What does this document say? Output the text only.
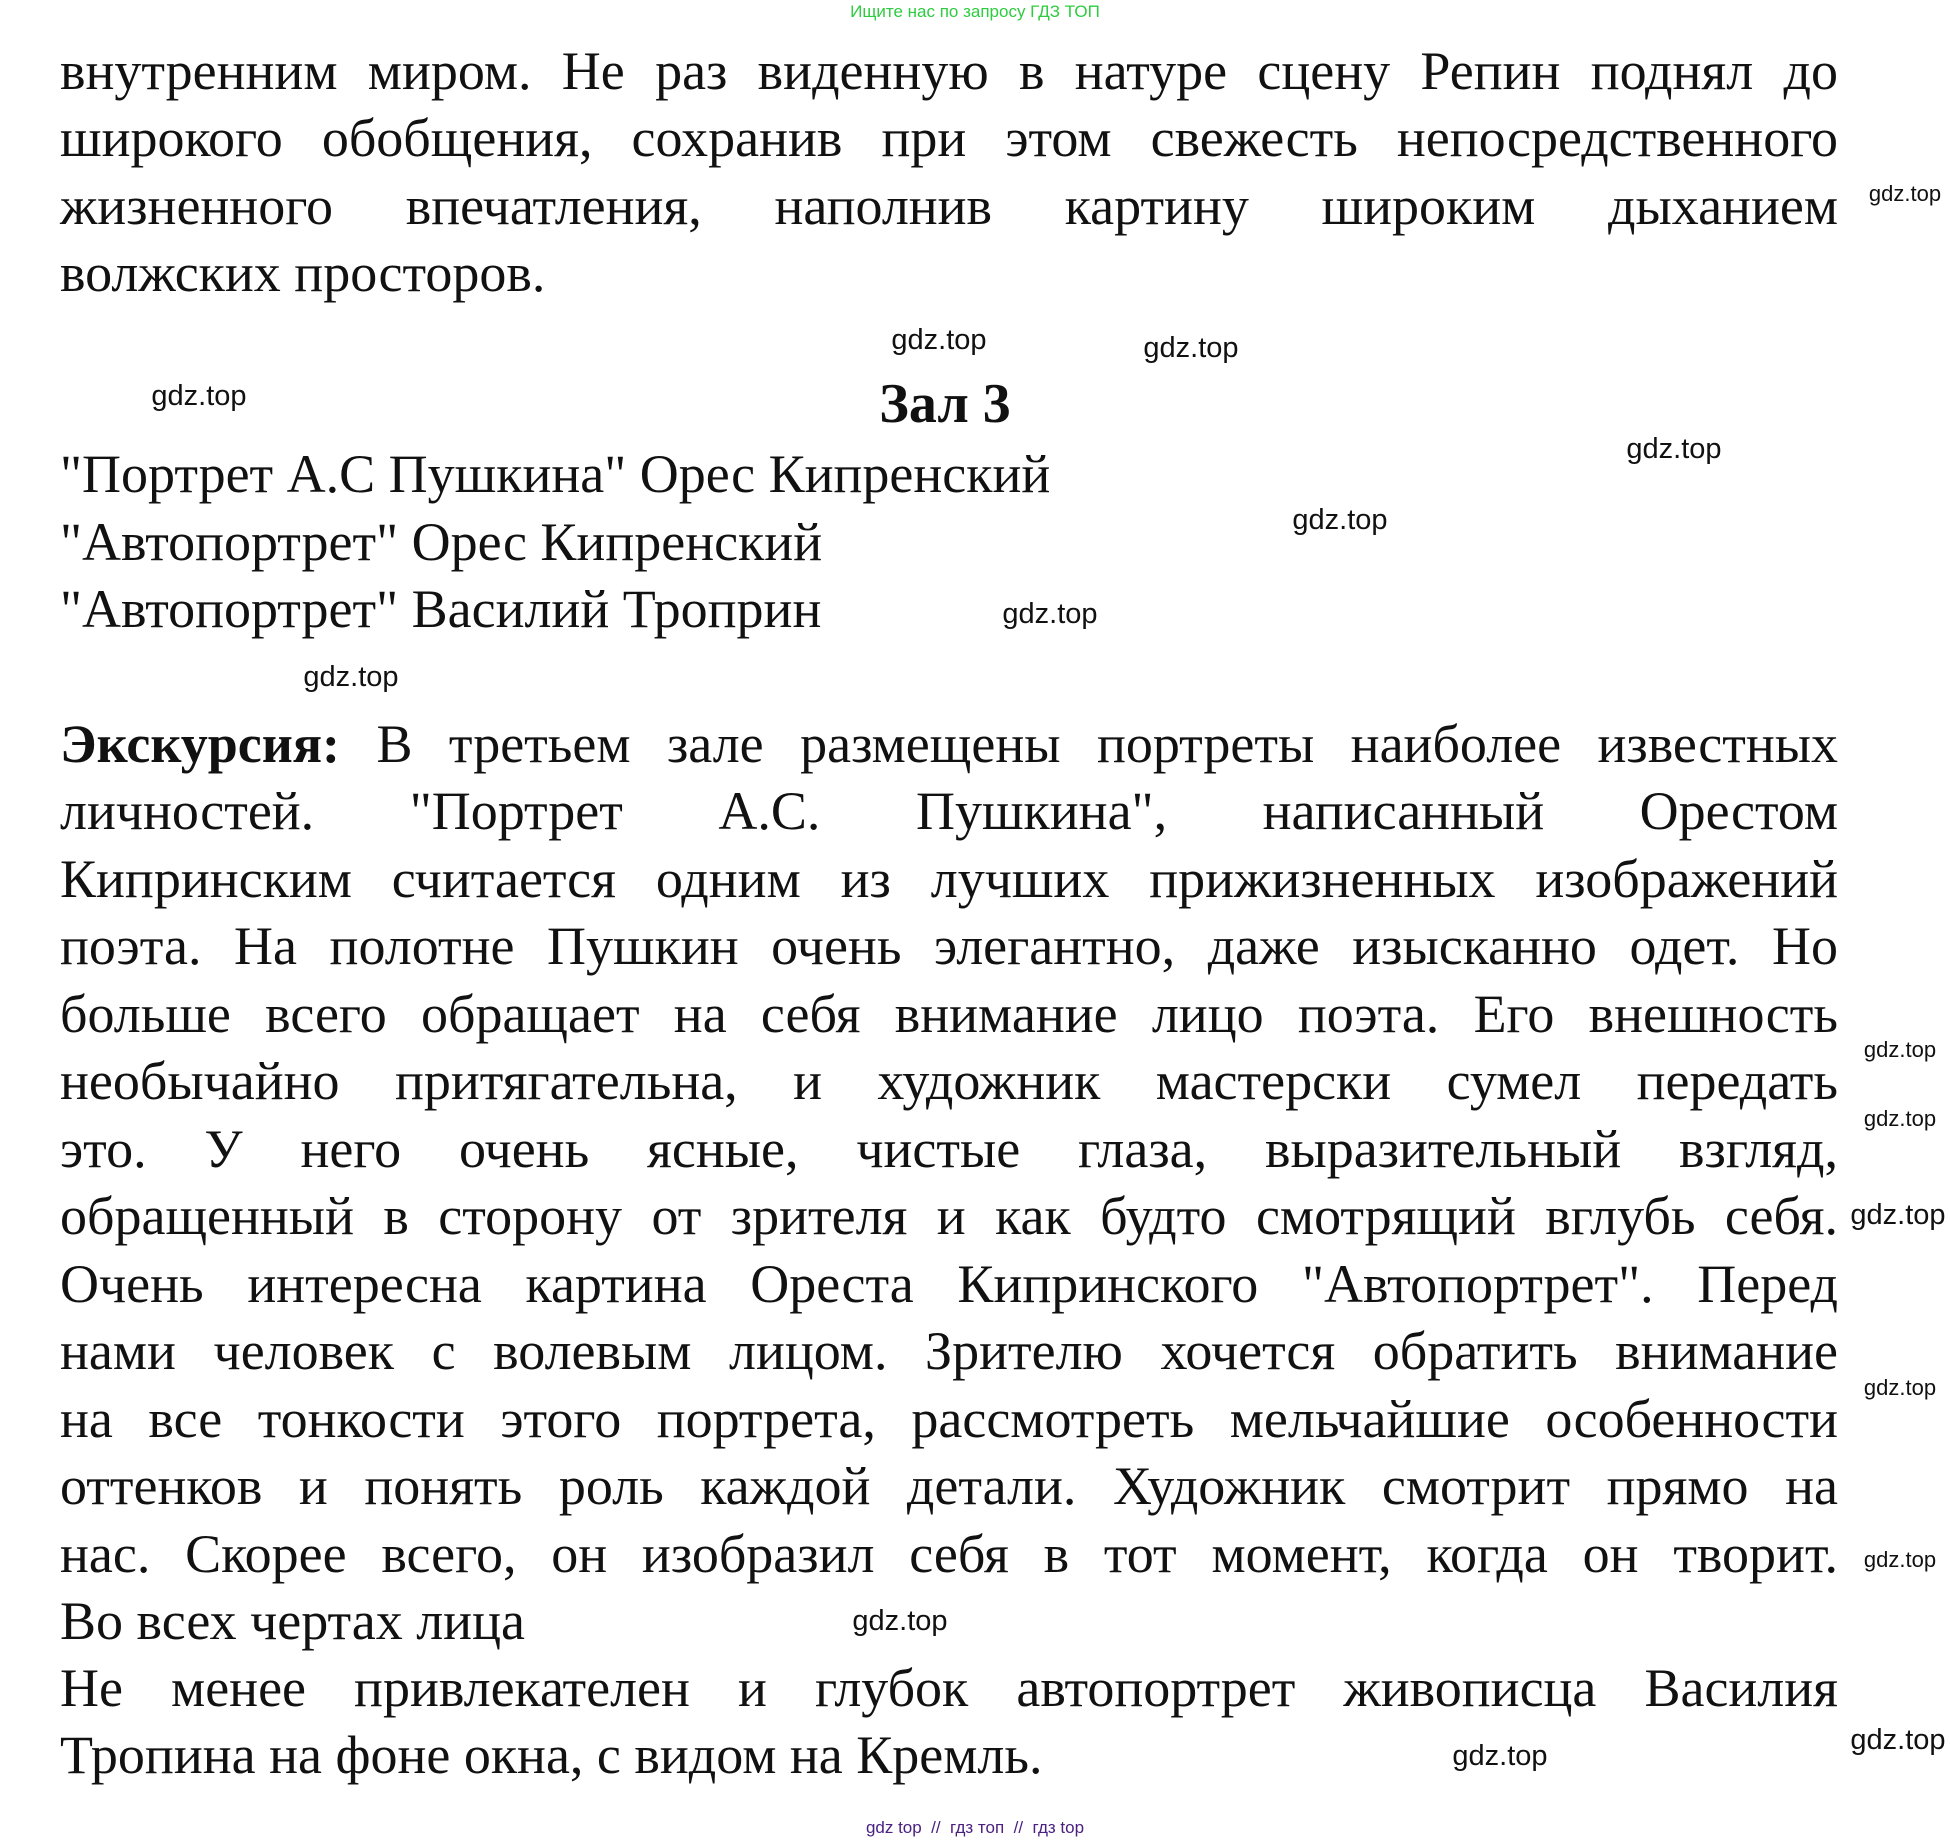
Ищите нас по запросу ГДЗ ТОП
внутренним миром. Не раз виденную в натуре сцену Репин поднял до
широкого обобщения, сохранив при этом свежесть непосредственного
жизненного впечатления, наполнив картину широким дыханием
волжских просторов.
Зал 3
"Портрет А.С Пушкина" Орес Кипренский
"Автопортрет" Орес Кипренский
"Автопортрет" Василий Троприн
Экскурсия: В третьем зале размещены портреты наиболее известных
личностей. "Портрет А.С. Пушкина", написанный Орестом
Кипринским считается одним из лучших прижизненных изображений
поэта. На полотне Пушкин очень элегантно, даже изысканно одет. Но
больше всего обращает на себя внимание лицо поэта. Его внешность
необычайно притягательна, и художник мастерски сумел передать
это. У него очень ясные, чистые глаза, выразительный взгляд,
обращенный в сторону от зрителя и как будто смотрящий вглубь себя.
Очень интересна картина Ореста Кипринского "Автопортрет". Перед
нами человек с волевым лицом. Зрителю хочется обратить внимание
на все тонкости этого портрета, рассмотреть мельчайшие особенности
оттенков и понять роль каждой детали. Художник смотрит прямо на
нас. Скорее всего, он изобразил себя в тот момент, когда он творит.
Во всех чертах лица
Не менее привлекателен и глубок автопортрет живописца Василия
Тропина на фоне окна, с видом на Кремль.
gdz.top
gdz.top	gdz.top
gdz.top
gdz.top
gdz.top
gdz.top
gdz.top
gdz.top
gdz.top
gdz.top
gdz.top
gdz.top
gdz.top
gdz.top
gdz.top
gdz top  //  гдз топ  //  гдз top
